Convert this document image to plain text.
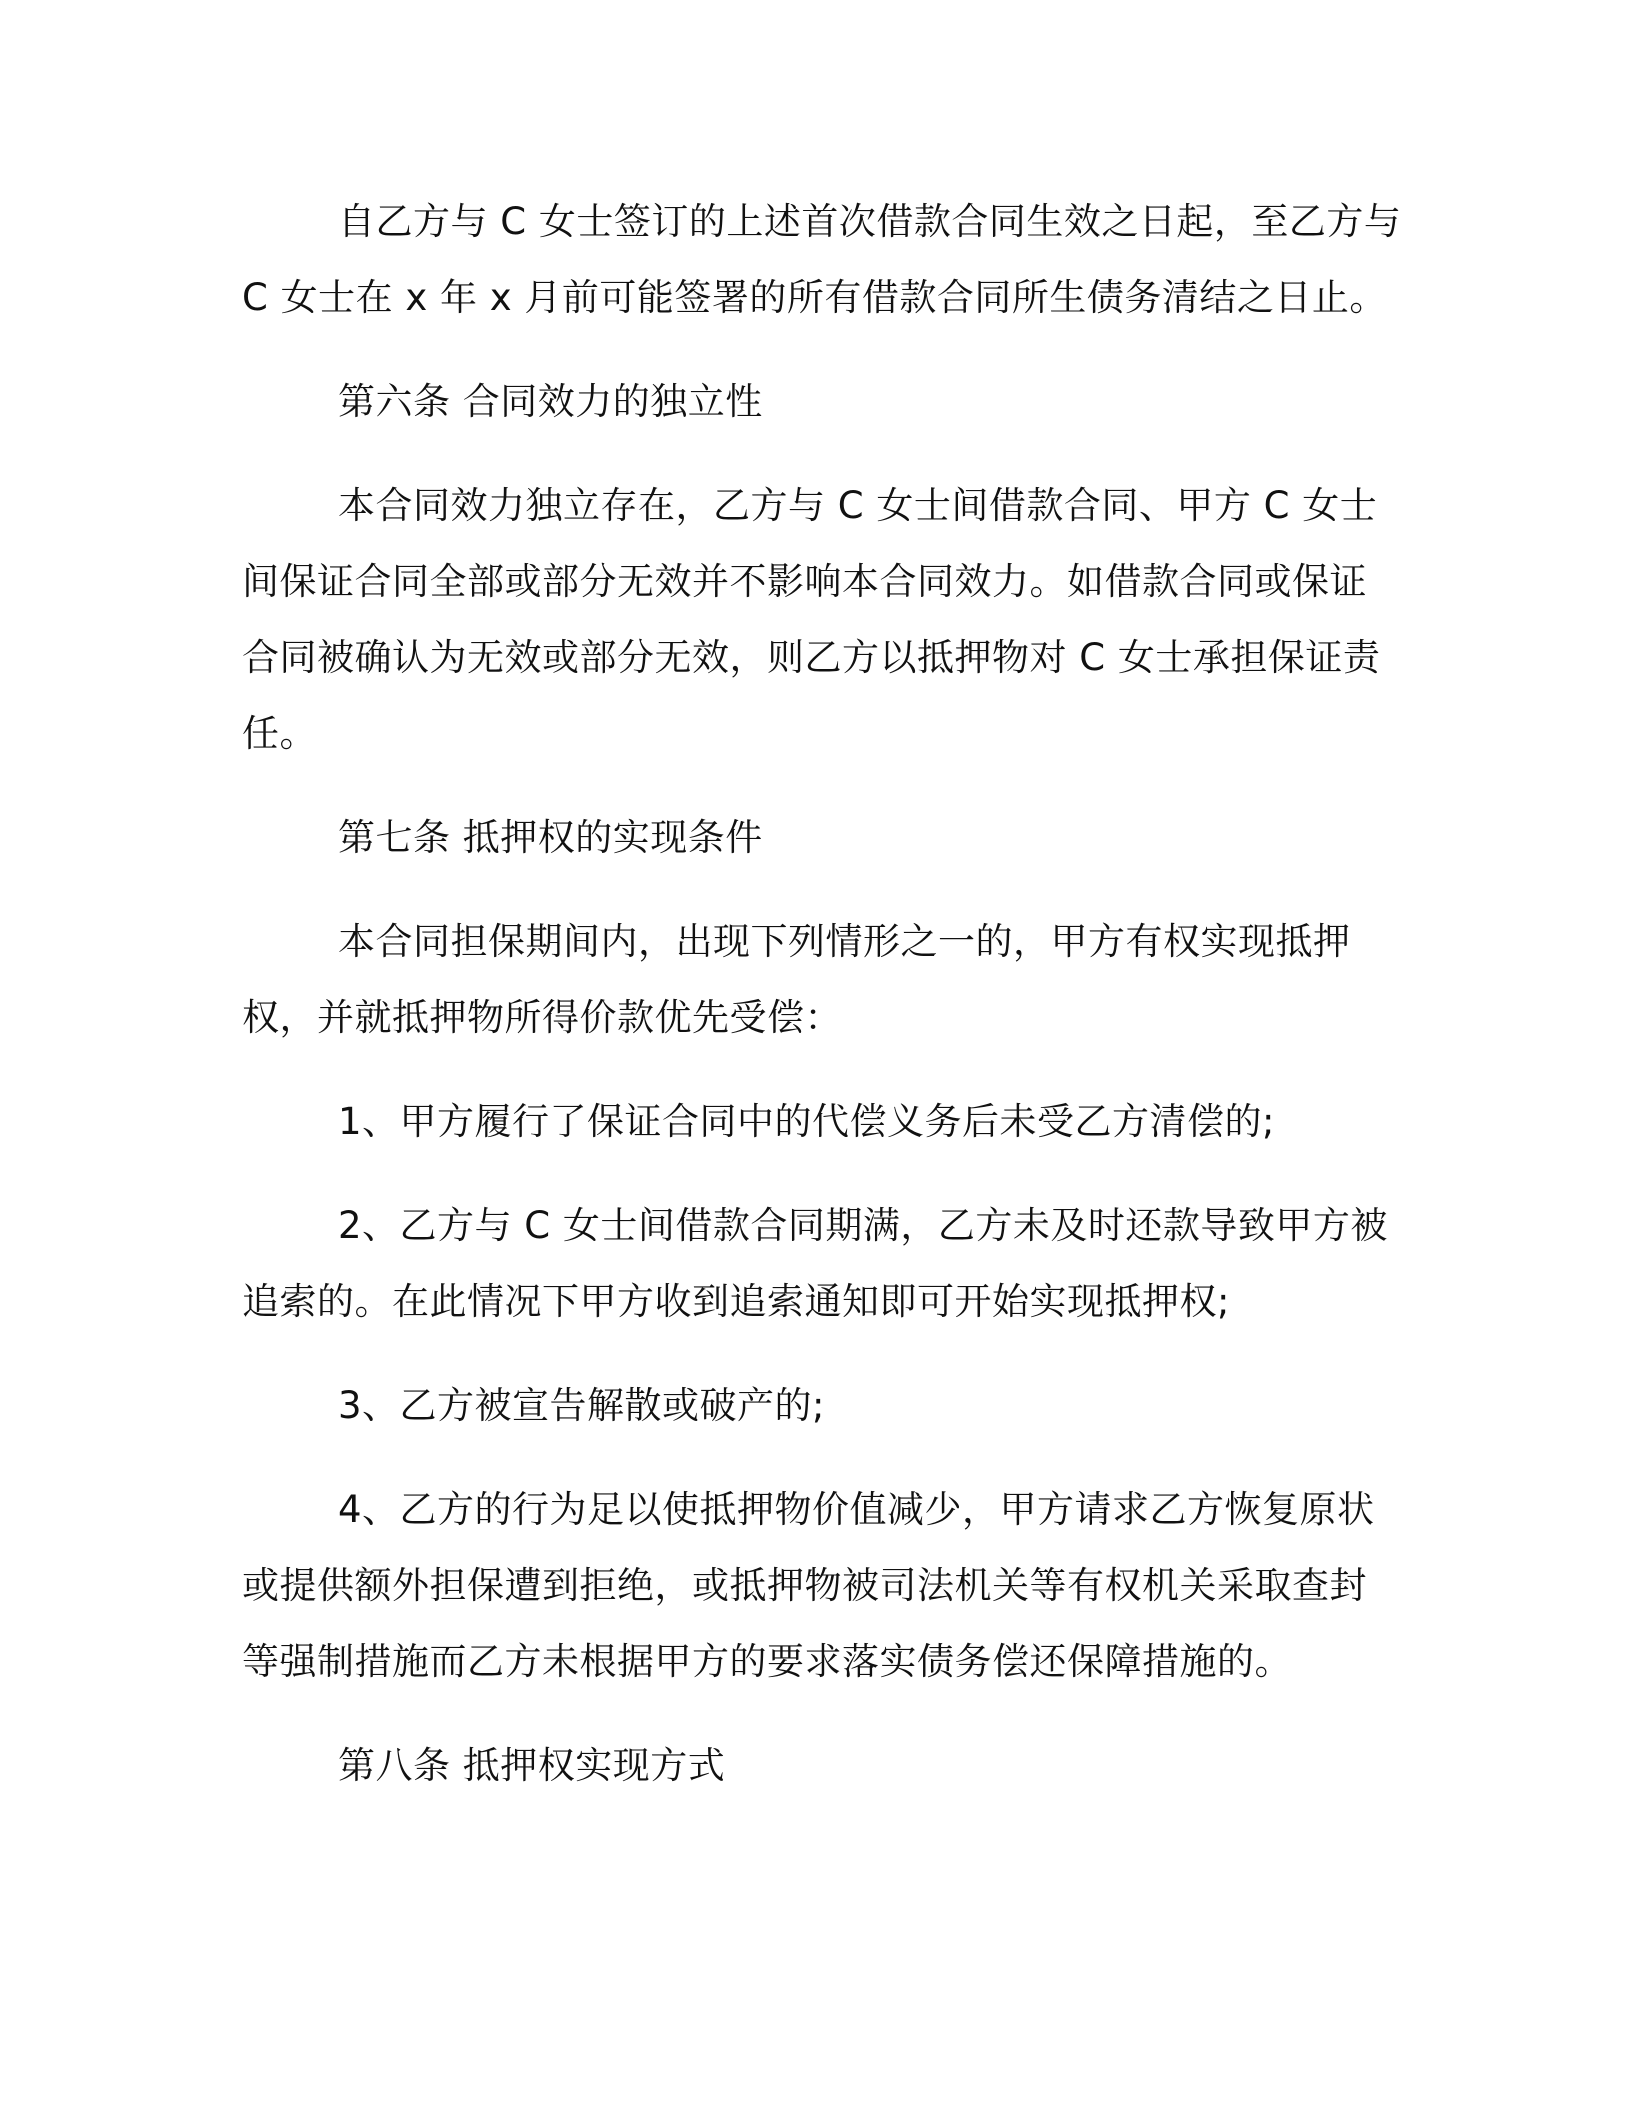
自乙方与 C 女士签订的上述首次借款合同生效之日起，至乙方与
C 女士在 x 年 x 月前可能签署的所有借款合同所生债务清结之日止。
第六条 合同效力的独立性
本合同效力独立存在，乙方与 C 女士间借款合同、甲方 C 女士
间保证合同全部或部分无效并不影响本合同效力。如借款合同或保证
合同被确认为无效或部分无效，则乙方以抵押物对 C 女士承担保证责
任。
第七条 抵押权的实现条件
本合同担保期间内，出现下列情形之一的，甲方有权实现抵押
权，并就抵押物所得价款优先受偿：
1、甲方履行了保证合同中的代偿义务后未受乙方清偿的;
2、乙方与 C 女士间借款合同期满，乙方未及时还款导致甲方被
追索的。在此情况下甲方收到追索通知即可开始实现抵押权;
3、乙方被宣告解散或破产的;
4、乙方的行为足以使抵押物价值减少，甲方请求乙方恢复原状
或提供额外担保遭到拒绝，或抵押物被司法机关等有权机关采取查封
等强制措施而乙方未根据甲方的要求落实债务偿还保障措施的。
第八条 抵押权实现方式
